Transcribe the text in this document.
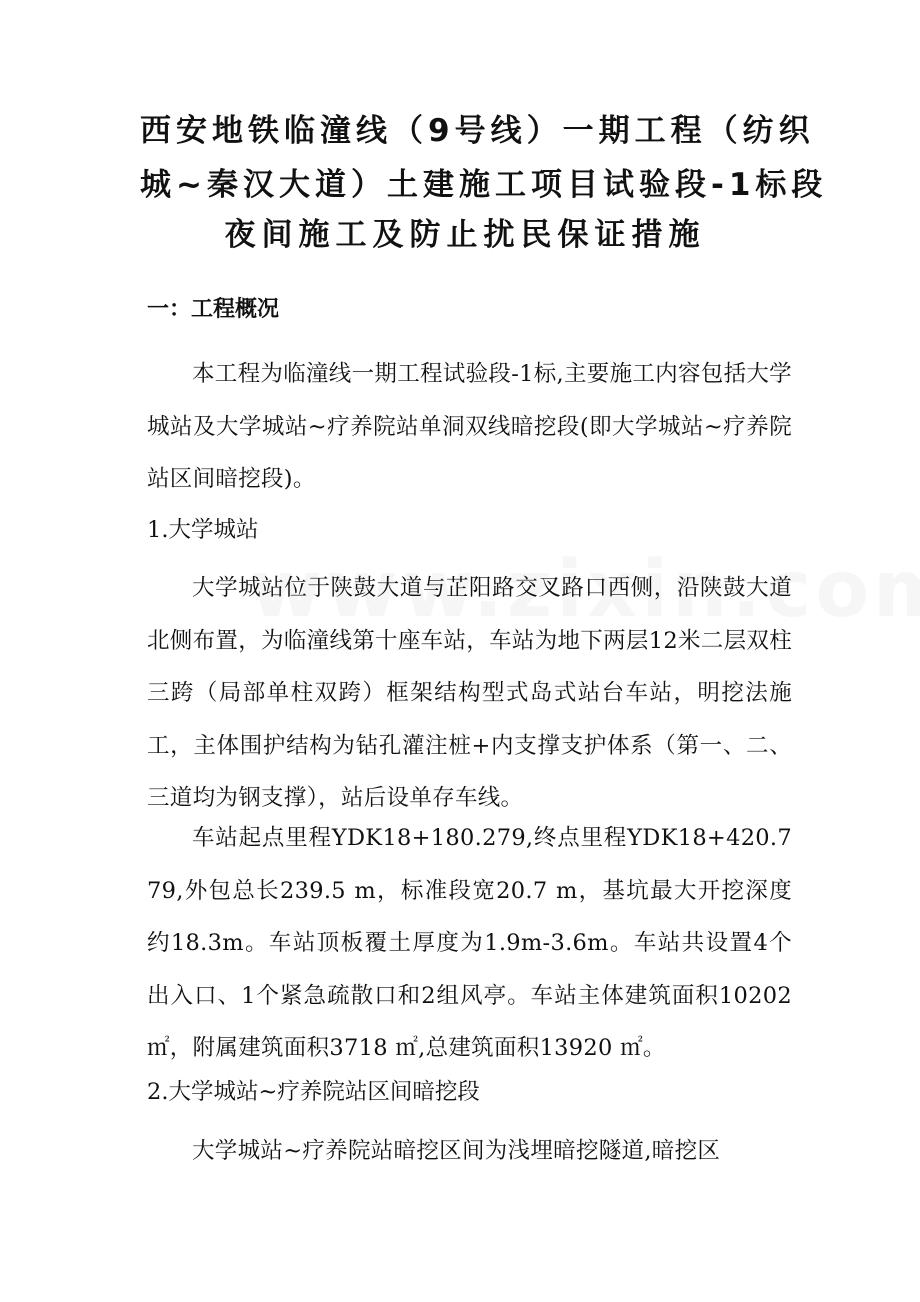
西安地铁临潼线（9号线）一期工程（纺织
城~秦汉大道）土建施工项目试验段-1标段
夜间施工及防止扰民保证措施
一：工程概况
本工程为临潼线一期工程试验段-1标,主要施工内容包括大学城站及大学城站~疗养院站单洞双线暗挖段(即大学城站~疗养院站区间暗挖段)。
1.大学城站
大学城站位于陕鼓大道与芷阳路交叉路口西侧，沿陕鼓大道北侧布置，为临潼线第十座车站，车站为地下两层12米二层双柱三跨（局部单柱双跨）框架结构型式岛式站台车站，明挖法施工，主体围护结构为钻孔灌注桩+内支撑支护体系（第一、二、三道均为钢支撑），站后设单存车线。
车站起点里程YDK18+180.279,终点里程YDK18+420.779,外包总长239.5 m，标准段宽20.7 m，基坑最大开挖深度约18.3m。车站顶板覆土厚度为1.9m-3.6m。车站共设置4个出入口、1个紧急疏散口和2组风亭。车站主体建筑面积10202 ㎡，附属建筑面积3718 ㎡,总建筑面积13920 ㎡。
2.大学城站~疗养院站区间暗挖段
大学城站~疗养院站暗挖区间为浅埋暗挖隧道,暗挖区
